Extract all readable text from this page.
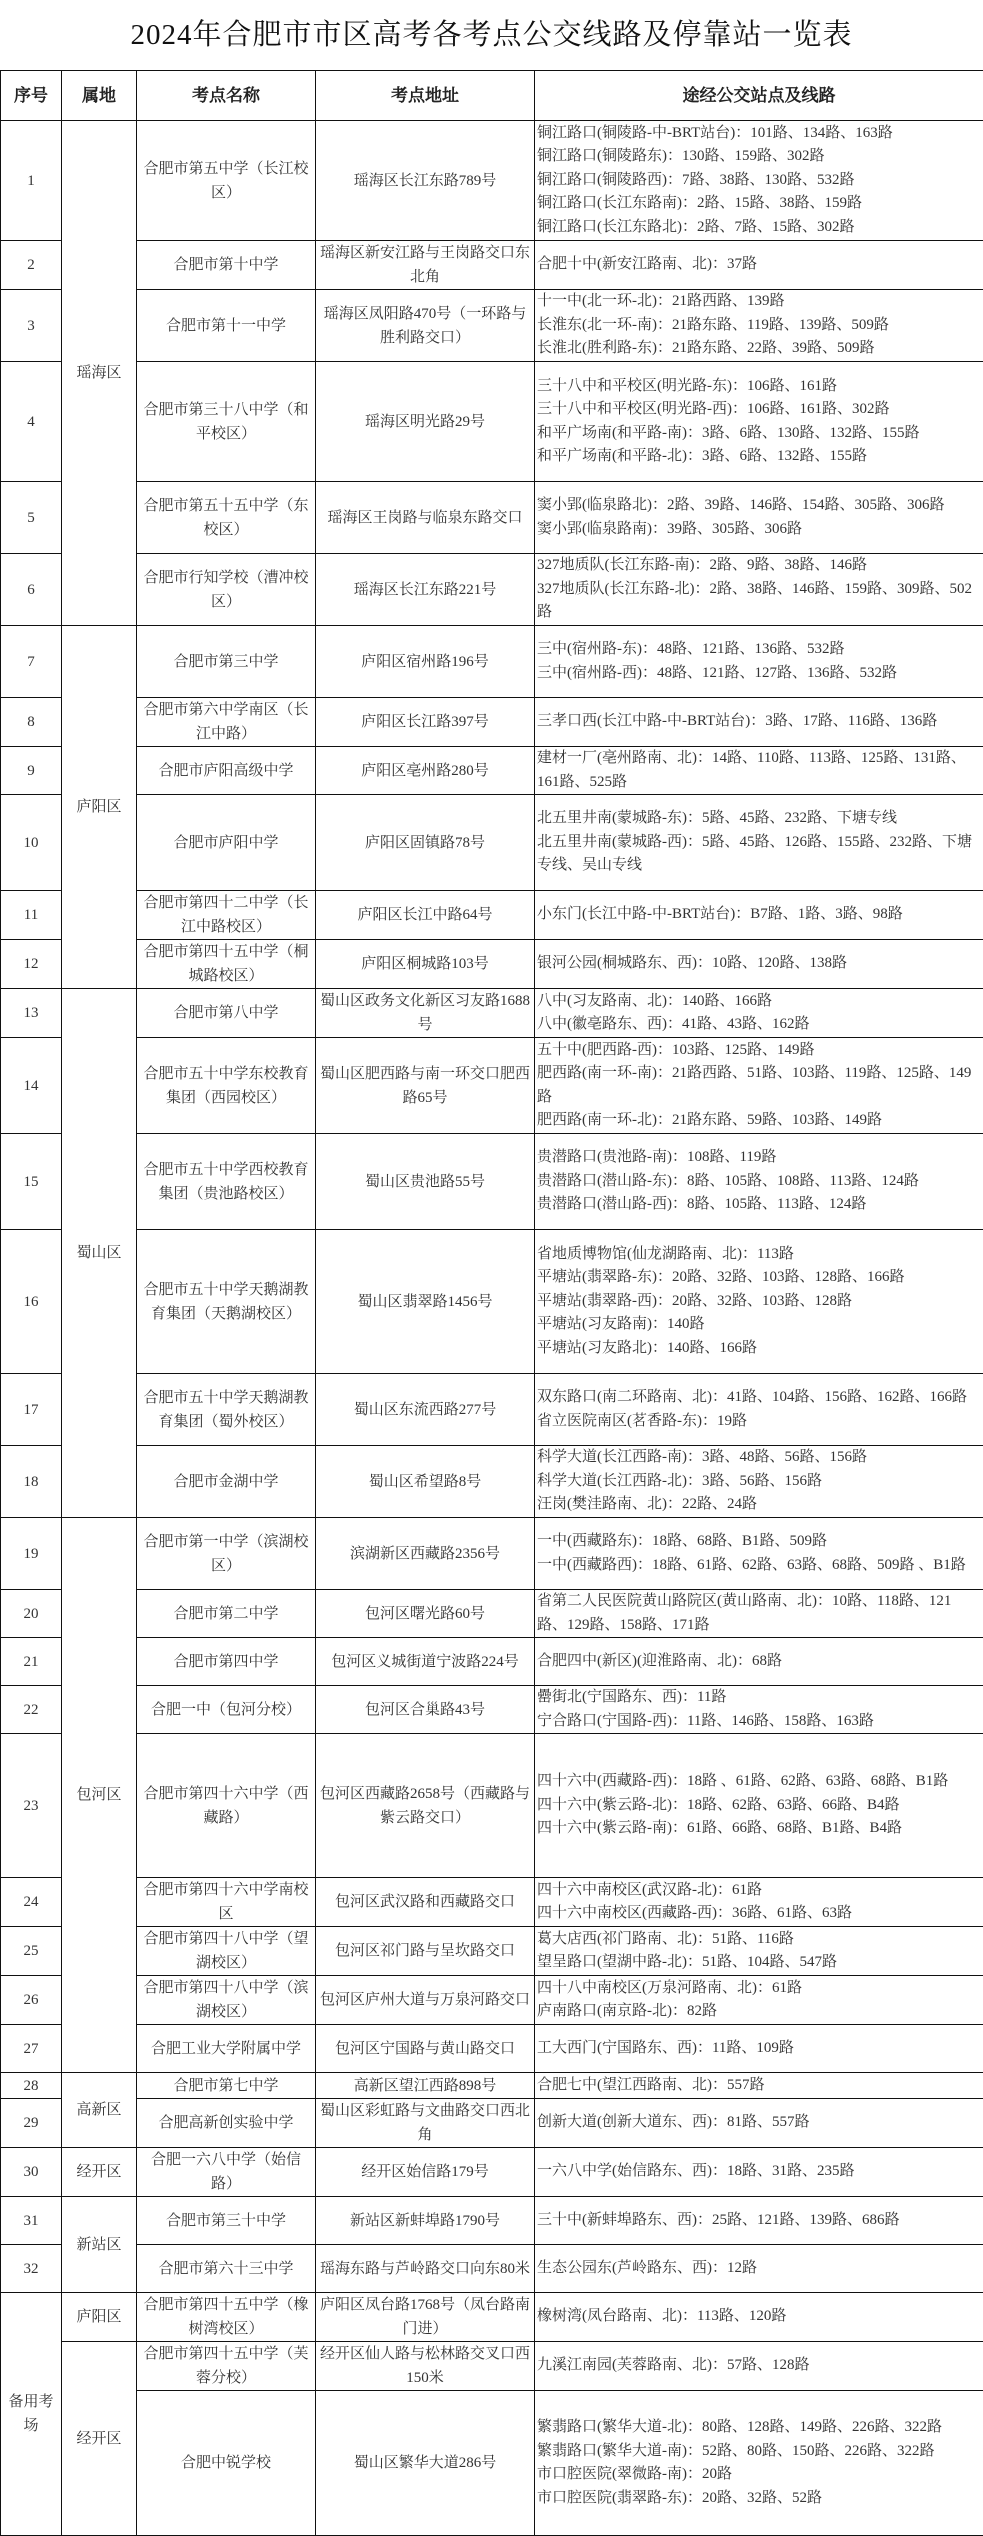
2024年合肥市市区高考各考点公交线路及停靠站一览表
序号	属地	考点名称	考点地址	途经公交站点及线路
1	瑶海区	合肥市第五中学（长江校区）	瑶海区长江东路789号	铜江路口(铜陵路-中-BRT站台)：101路、134路、163路
铜江路口(铜陵路东)：130路、159路、302路
铜江路口(铜陵路西)：7路、38路、130路、532路
铜江路口(长江东路南)：2路、15路、38路、159路
铜江路口(长江东路北)：2路、7路、15路、302路

2		合肥市第十中学	瑶海区新安江路与王岗路交口东北角	合肥十中(新安江路南、北)：37路

3		合肥市第十一中学	瑶海区凤阳路470号（一环路与胜利路交口）	十一中(北一环-北)：21路西路、139路
长淮东(北一环-南)：21路东路、119路、139路、509路
长淮北(胜利路-东)：21路东路、22路、39路、509路

4		合肥市第三十八中学（和平校区）	瑶海区明光路29号	三十八中和平校区(明光路-东)：106路、161路
三十八中和平校区(明光路-西)：106路、161路、302路
和平广场南(和平路-南)：3路、6路、130路、132路、155路
和平广场南(和平路-北)：3路、6路、132路、155路

5		合肥市第五十五中学（东校区）	瑶海区王岗路与临泉东路交口	窦小郢(临泉路北)：2路、39路、146路、154路、305路、306路
窦小郢(临泉路南)：39路、305路、306路

6		合肥市行知学校（漕冲校区）	瑶海区长江东路221号	327地质队(长江东路-南)：2路、9路、38路、146路
327地质队(长江东路-北)：2路、38路、146路、159路、309路、502路

7	庐阳区	合肥市第三中学	庐阳区宿州路196号	三中(宿州路-东)：48路、121路、136路、532路
三中(宿州路-西)：48路、121路、127路、136路、532路

8		合肥市第六中学南区（长江中路）	庐阳区长江路397号	三孝口西(长江中路-中-BRT站台)：3路、17路、116路、136路

9		合肥市庐阳高级中学	庐阳区亳州路280号	建材一厂(亳州路南、北)：14路、110路、113路、125路、131路、161路、525路

10		合肥市庐阳中学	庐阳区固镇路78号	北五里井南(蒙城路-东)：5路、45路、232路、下塘专线
北五里井南(蒙城路-西)：5路、45路、126路、155路、232路、下塘专线、吴山专线

11		合肥市第四十二中学（长江中路校区）	庐阳区长江中路64号	小东门(长江中路-中-BRT站台)：B7路、1路、3路、98路

12		合肥市第四十五中学（桐城路校区）	庐阳区桐城路103号	银河公园(桐城路东、西)：10路、120路、138路

13	蜀山区	合肥市第八中学	蜀山区政务文化新区习友路1688号	八中(习友路南、北)：140路、166路
八中(徽亳路东、西)：41路、43路、162路

14		合肥市五十中学东校教育集团（西园校区）	蜀山区肥西路与南一环交口肥西路65号	五十中(肥西路-西)：103路、125路、149路
肥西路(南一环-南)：21路西路、51路、103路、119路、125路、149路
肥西路(南一环-北)：21路东路、59路、103路、149路

15		合肥市五十中学西校教育集团（贵池路校区）	蜀山区贵池路55号	贵潜路口(贵池路-南)：108路、119路
贵潜路口(潜山路-东)：8路、105路、108路、113路、124路
贵潜路口(潜山路-西)：8路、105路、113路、124路

16		合肥市五十中学天鹅湖教育集团（天鹅湖校区）	蜀山区翡翠路1456号	省地质博物馆(仙龙湖路南、北)：113路
平塘站(翡翠路-东)：20路、32路、103路、128路、166路
平塘站(翡翠路-西)：20路、32路、103路、128路
平塘站(习友路南)：140路
平塘站(习友路北)：140路、166路

17		合肥市五十中学天鹅湖教育集团（蜀外校区）	蜀山区东流西路277号	双东路口(南二环路南、北)：41路、104路、156路、162路、166路
省立医院南区(茗香路-东)：19路

18		合肥市金湖中学	蜀山区希望路8号	科学大道(长江西路-南)：3路、48路、56路、156路
科学大道(长江西路-北)：3路、56路、156路
汪岗(樊洼路南、北)：22路、24路

19	包河区	合肥市第一中学（滨湖校区）	滨湖新区西藏路2356号	一中(西藏路东)：18路、68路、B1路、509路
一中(西藏路西)：18路、61路、62路、63路、68路、509路 、B1路

20		合肥市第二中学	包河区曙光路60号	省第二人民医院黄山路院区(黄山路南、北)：10路、118路、121路、129路、158路、171路

21		合肥市第四中学	包河区义城街道宁波路224号	合肥四中(新区)(迎淮路南、北)：68路

22		合肥一中（包河分校）	包河区合巢路43号	罍街北(宁国路东、西)：11路
宁合路口(宁国路-西)：11路、146路、158路、163路

23		合肥市第四十六中学（西藏路）	包河区西藏路2658号（西藏路与紫云路交口）	四十六中(西藏路-西)：18路 、61路、62路、63路、68路、B1路
四十六中(紫云路-北)：18路、62路、63路、66路、B4路
四十六中(紫云路-南)：61路、66路、68路、B1路、B4路

24		合肥市第四十六中学南校区	包河区武汉路和西藏路交口	四十六中南校区(武汉路-北)：61路
四十六中南校区(西藏路-西)：36路、61路、63路

25		合肥市第四十八中学（望湖校区）	包河区祁门路与呈坎路交口	葛大店西(祁门路南、北)：51路、116路
望呈路口(望湖中路-北)：51路、104路、547路

26		合肥市第四十八中学（滨湖校区）	包河区庐州大道与万泉河路交口	四十八中南校区(万泉河路南、北)：61路
庐南路口(南京路-北)：82路

27		合肥工业大学附属中学	包河区宁国路与黄山路交口	工大西门(宁国路东、西)：11路、109路

28	高新区	合肥市第七中学	高新区望江西路898号	合肥七中(望江西路南、北)：557路

29		合肥高新创实验中学	蜀山区彩虹路与文曲路交口西北角	创新大道(创新大道东、西)：81路、557路

30	经开区	合肥一六八中学（始信路）	经开区始信路179号	一六八中学(始信路东、西)：18路、31路、235路

31	新站区	合肥市第三十中学	新站区新蚌埠路1790号	三十中(新蚌埠路东、西)：25路、121路、139路、686路

32		合肥市第六十三中学	瑶海东路与芦岭路交口向东80米	生态公园东(芦岭路东、西)：12路

备用考场	庐阳区	合肥市第四十五中学（橡树湾校区）	庐阳区凤台路1768号（凤台路南门进）	橡树湾(凤台路南、北)：113路、120路

	经开区	合肥市第四十五中学（芙蓉分校）	经开区仙人路与松林路交叉口西150米	九溪江南园(芙蓉路南、北)：57路、128路

		合肥中锐学校	蜀山区繁华大道286号	繁翡路口(繁华大道-北)：80路、128路、149路、226路、322路
繁翡路口(繁华大道-南)：52路、80路、150路、226路、322路
市口腔医院(翠微路-南)：20路
市口腔医院(翡翠路-东)：20路、32路、52路
